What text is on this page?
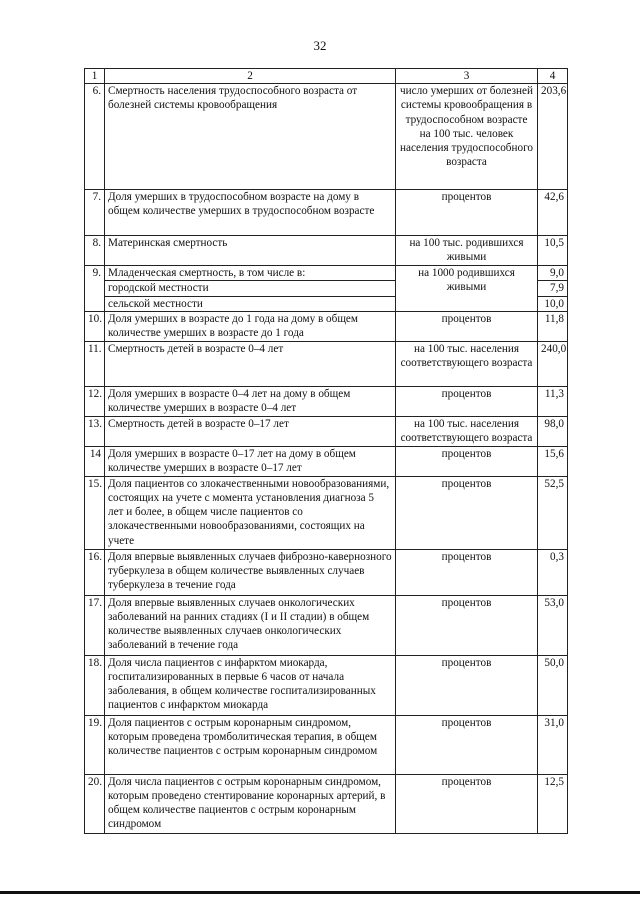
32
1	2	3	4
6.	Смертность населения трудоспособного возраста от болезней системы кровообращения	число умерших от болезней системы кровообращения в трудоспособном возрасте на 100 тыс. человек населения трудоспособного возраста	203,6
7.	Доля умерших в трудоспособном возрасте на дому в общем количестве умерших в трудоспособном возрасте	процентов	42,6
8.	Материнская смертность	на 100 тыс. родившихся живыми	10,5
9.	Младенческая смертность, в том числе в:	на 1000 родившихся живыми	9,0
	городской местности		7,9
	сельской местности		10,0
10.	Доля умерших в возрасте до 1 года на дому в общем количестве умерших в возрасте до 1 года	процентов	11,8
11.	Смертность детей в возрасте 0–4 лет	на 100 тыс. населения соответствующего возраста	240,0
12.	Доля умерших в возрасте 0–4 лет на дому в общем количестве умерших в возрасте 0–4 лет	процентов	11,3
13.	Смертность детей в возрасте 0–17 лет	на 100 тыс. населения соответствующего возраста	98,0
14	Доля умерших в возрасте 0–17 лет на дому в общем количестве умерших в возрасте 0–17 лет	процентов	15,6
15.	Доля пациентов со злокачественными новообразованиями, состоящих на учете с момента установления диагноза 5 лет и более, в общем числе пациентов со злокачественными новообразованиями, состоящих на учете	процентов	52,5
16.	Доля впервые выявленных случаев фиброзно-кавернозного туберкулеза в общем количестве выявленных случаев туберкулеза в течение года	процентов	0,3
17.	Доля впервые выявленных случаев онкологических заболеваний на ранних стадиях (I и II стадии) в общем количестве выявленных случаев онкологических заболеваний в течение года	процентов	53,0
18.	Доля числа пациентов с инфарктом миокарда, госпитализированных в первые 6 часов от начала заболевания, в общем количестве госпитализированных пациентов с инфарктом миокарда	процентов	50,0
19.	Доля пациентов с острым коронарным синдромом, которым проведена тромболитическая терапия, в общем количестве пациентов с острым коронарным синдромом	процентов	31,0
20.	Доля числа пациентов с острым коронарным синдромом, которым проведено стентирование коронарных артерий, в общем количестве пациентов с острым коронарным синдромом	процентов	12,5
